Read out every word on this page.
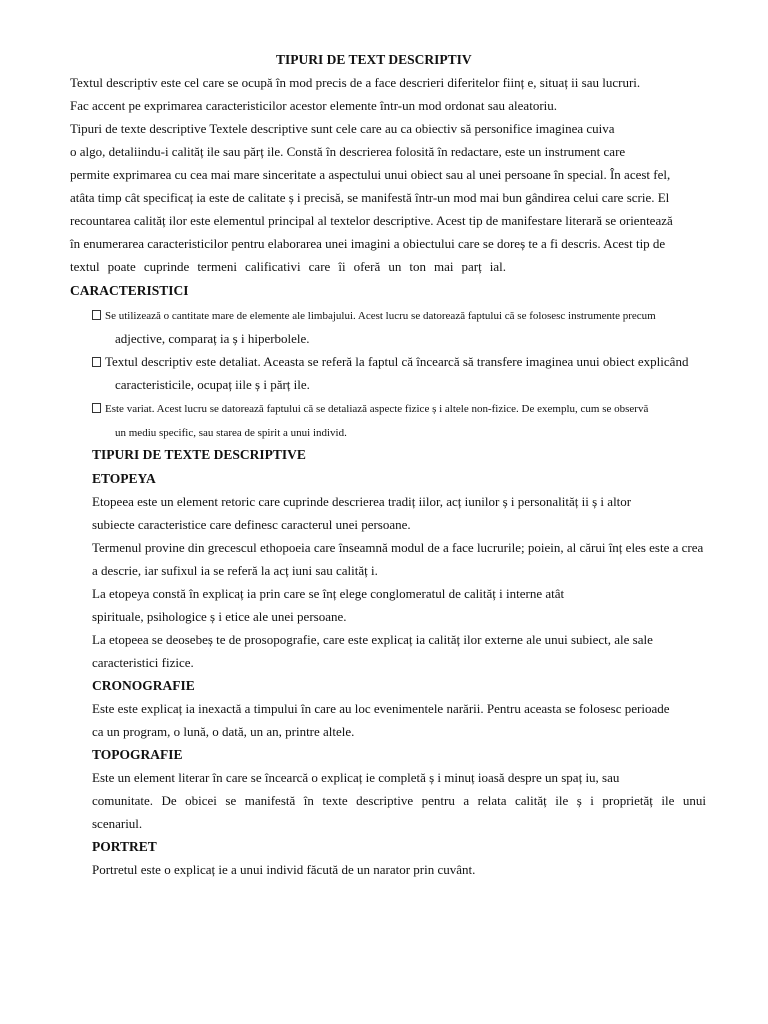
TIPURI DE TEXT DESCRIPTIV
Textul descriptiv este cel care se ocupă în mod precis de a face descrieri diferitelor ființ e, situaț ii sau lucruri.
Fac accent pe exprimarea caracteristicilor acestor elemente într-un mod ordonat sau aleatoriu.
Tipuri de texte descriptive Textele descriptive sunt cele care au ca obiectiv să personifice imaginea cuiva
o algo, detaliindu-i calităț ile sau părț ile. Constă în descrierea folosită în redactare, este un instrument care
permite exprimarea cu cea mai mare sinceritate a aspectului unui obiect sau al unei persoane în special. În acest fel,
atâta timp cât specificaț ia este de calitate ș i precisă, se manifestă într-un mod mai bun gândirea celui care scrie. El
recountarea calităț ilor este elementul principal al textelor descriptive. Acest tip de manifestare literară se orientează
în enumerarea caracteristicilor pentru elaborarea unei imagini a obiectului care se doreș te a fi descris. Acest tip de
textul poate cuprinde termeni calificativi care îi oferă un ton mai parț ial.
CARACTERISTICI
Se utilizează o cantitate mare de elemente ale limbajului. Acest lucru se datorează faptului că se folosesc instrumente precum
adjective, comparaț ia ș i hiperbolele.
Textul descriptiv este detaliat. Aceasta se referă la faptul că încearcă să transfere imaginea unui obiect explicând
caracteristicile, ocupaț iile ș i părț ile.
Este variat. Acest lucru se datorează faptului că se detaliază aspecte fizice ș i altele non-fizice. De exemplu, cum se observă
un mediu specific, sau starea de spirit a unui individ.
TIPURI DE TEXTE DESCRIPTIVE
ETOPEYA
Etopeea este un element retoric care cuprinde descrierea tradiț iilor, acț iunilor ș i personalităț ii ș i altor
subiecte caracteristice care definesc caracterul unei persoane.
Termenul provine din grecescul ethopoeia care înseamnă modul de a face lucrurile; poiein, al cărui înț eles este a crea
a descrie, iar sufixul ia se referă la acț iuni sau calităț i.
La etopeya constă în explicaț ia prin care se înț elege conglomeratul de calităț i interne atât
spirituale, psihologice ș i etice ale unei persoane.
La etopeea se deosebeș te de prosopografie, care este explicaț ia calităț ilor externe ale unui subiect, ale sale
caracteristici fizice.
CRONOGRAFIE
Este este explicaț ia inexactă a timpului în care au loc evenimentele narării. Pentru aceasta se folosesc perioade
ca un program, o lună, o dată, un an, printre altele.
TOPOGRAFIE
Este un element literar în care se încearcă o explicaț ie completă ș i minuț ioasă despre un spaț iu, sau
comunitate. De obicei se manifestă în texte descriptive pentru a relata calităț ile ș i proprietăț ile unui
scenariul.
PORTRET
Portretul este o explicaț ie a unui individ făcută de un narator prin cuvânt.
